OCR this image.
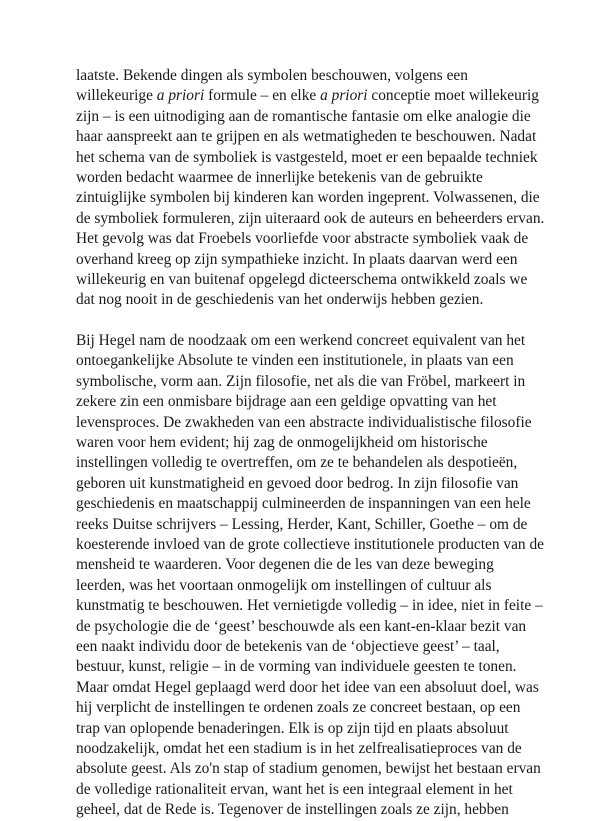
laatste. Bekende dingen als symbolen beschouwen, volgens een
willekeurige a priori formule – en elke a priori conceptie moet willekeurig
zijn – is een uitnodiging aan de romantische fantasie om elke analogie die
haar aanspreekt aan te grijpen en als wetmatigheden te beschouwen. Nadat
het schema van de symboliek is vastgesteld, moet er een bepaalde techniek
worden bedacht waarmee de innerlijke betekenis van de gebruikte
zintuiglijke symbolen bij kinderen kan worden ingeprent. Volwassenen, die
de symboliek formuleren, zijn uiteraard ook de auteurs en beheerders ervan.
Het gevolg was dat Froebels voorliefde voor abstracte symboliek vaak de
overhand kreeg op zijn sympathieke inzicht. In plaats daarvan werd een
willekeurig en van buitenaf opgelegd dicteerschema ontwikkeld zoals we
dat nog nooit in de geschiedenis van het onderwijs hebben gezien.
Bij Hegel nam de noodzaak om een werkend concreet equivalent van het
ontoegankelijke Absolute te vinden een institutionele, in plaats van een
symbolische, vorm aan. Zijn filosofie, net als die van Fröbel, markeert in
zekere zin een onmisbare bijdrage aan een geldige opvatting van het
levensproces. De zwakheden van een abstracte individualistische filosofie
waren voor hem evident; hij zag de onmogelijkheid om historische
instellingen volledig te overtreffen, om ze te behandelen als despotieën,
geboren uit kunstmatigheid en gevoed door bedrog. In zijn filosofie van
geschiedenis en maatschappij culmineerden de inspanningen van een hele
reeks Duitse schrijvers – Lessing, Herder, Kant, Schiller, Goethe – om de
koesterende invloed van de grote collectieve institutionele producten van de
mensheid te waarderen. Voor degenen die de les van deze beweging
leerden, was het voortaan onmogelijk om instellingen of cultuur als
kunstmatig te beschouwen. Het vernietigde volledig – in idee, niet in feite –
de psychologie die de ‘geest’ beschouwde als een kant-en-klaar bezit van
een naakt individu door de betekenis van de ‘objectieve geest’ – taal,
bestuur, kunst, religie – in de vorming van individuele geesten te tonen.
Maar omdat Hegel geplaagd werd door het idee van een absoluut doel, was
hij verplicht de instellingen te ordenen zoals ze concreet bestaan, op een
trap van oplopende benaderingen. Elk is op zijn tijd en plaats absoluut
noodzakelijk, omdat het een stadium is in het zelfrealisatieproces van de
absolute geest. Als zo'n stap of stadium genomen, bewijst het bestaan ervan
de volledige rationaliteit ervan, want het is een integraal element in het
geheel, dat de Rede is. Tegenover de instellingen zoals ze zijn, hebben
